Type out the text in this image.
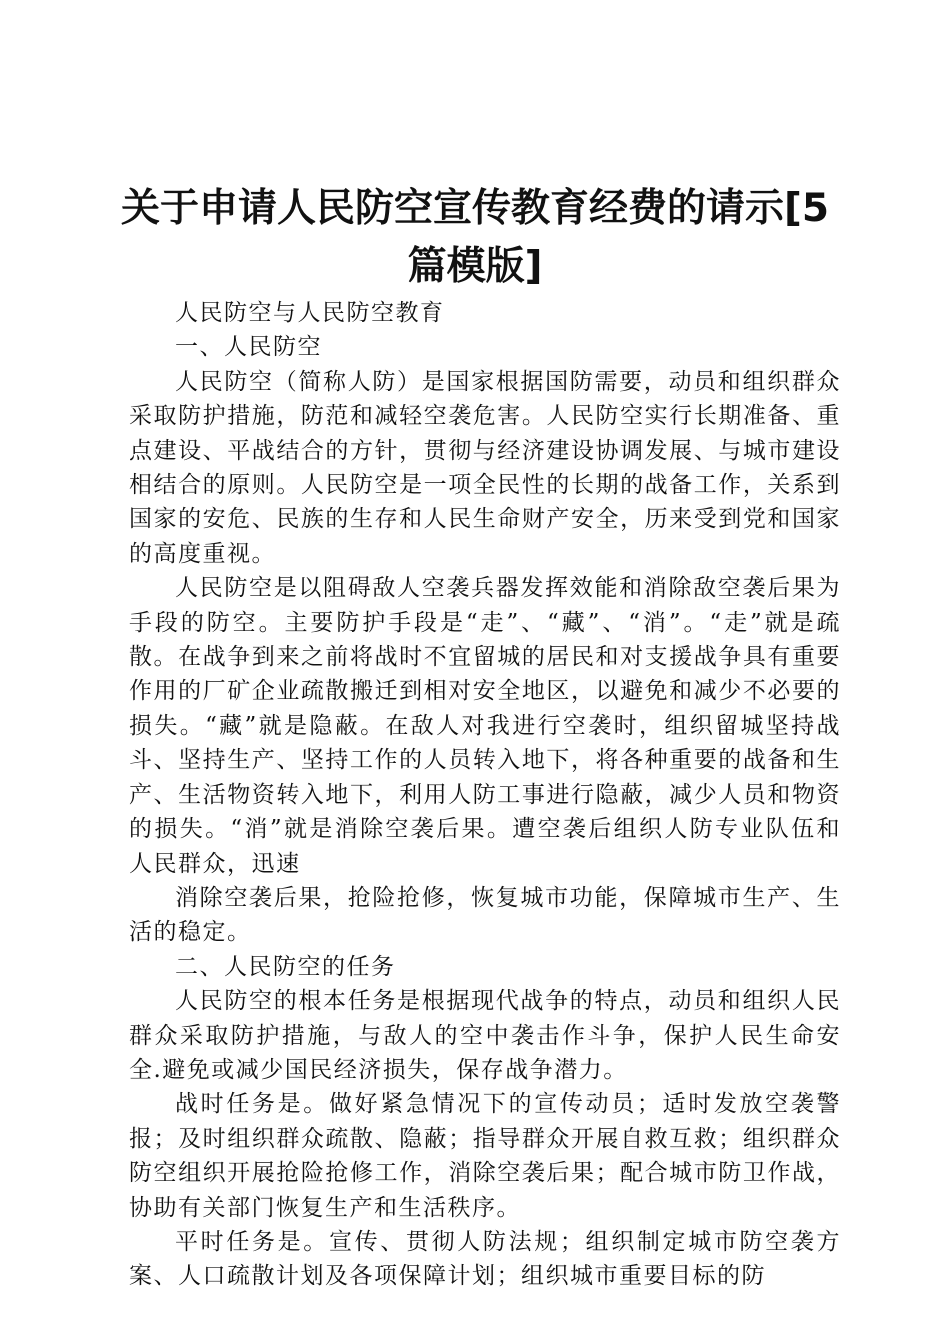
关于申请人民防空宣传教育经费的请示[5篇模版]

人民防空与人民防空教育

一、人民防空

人民防空（简称人防）是国家根据国防需要，动员和组织群众采取防护措施，防范和减轻空袭危害。人民防空实行长期准备、重点建设、平战结合的方针，贯彻与经济建设协调发展、与城市建设相结合的原则。人民防空是一项全民性的长期的战备工作，关系到国家的安危、民族的生存和人民生命财产安全，历来受到党和国家的高度重视。

人民防空是以阻碍敌人空袭兵器发挥效能和消除敌空袭后果为手段的防空。主要防护手段是“走”、“藏”、“消”。“走”就是疏散。在战争到来之前将战时不宜留城的居民和对支援战争具有重要作用的厂矿企业疏散搬迁到相对安全地区，以避免和减少不必要的损失。“藏”就是隐蔽。在敌人对我进行空袭时，组织留城坚持战斗、坚持生产、坚持工作的人员转入地下，将各种重要的战备和生产、生活物资转入地下，利用人防工事进行隐蔽，减少人员和物资的损失。“消”就是消除空袭后果。遭空袭后组织人防专业队伍和人民群众，迅速

消除空袭后果，抢险抢修，恢复城市功能，保障城市生产、生活的稳定。

二、人民防空的任务

人民防空的根本任务是根据现代战争的特点，动员和组织人民群众采取防护措施，与敌人的空中袭击作斗争，保护人民生命安全.避免或减少国民经济损失，保存战争潜力。

战时任务是。做好紧急情况下的宣传动员；适时发放空袭警报；及时组织群众疏散、隐蔽；指导群众开展自救互救；组织群众防空组织开展抢险抢修工作，消除空袭后果；配合城市防卫作战，协助有关部门恢复生产和生活秩序。

平时任务是。宣传、贯彻人防法规；组织制定城市防空袭方案、人口疏散计划及各项保障计划；组织城市重要目标的防
